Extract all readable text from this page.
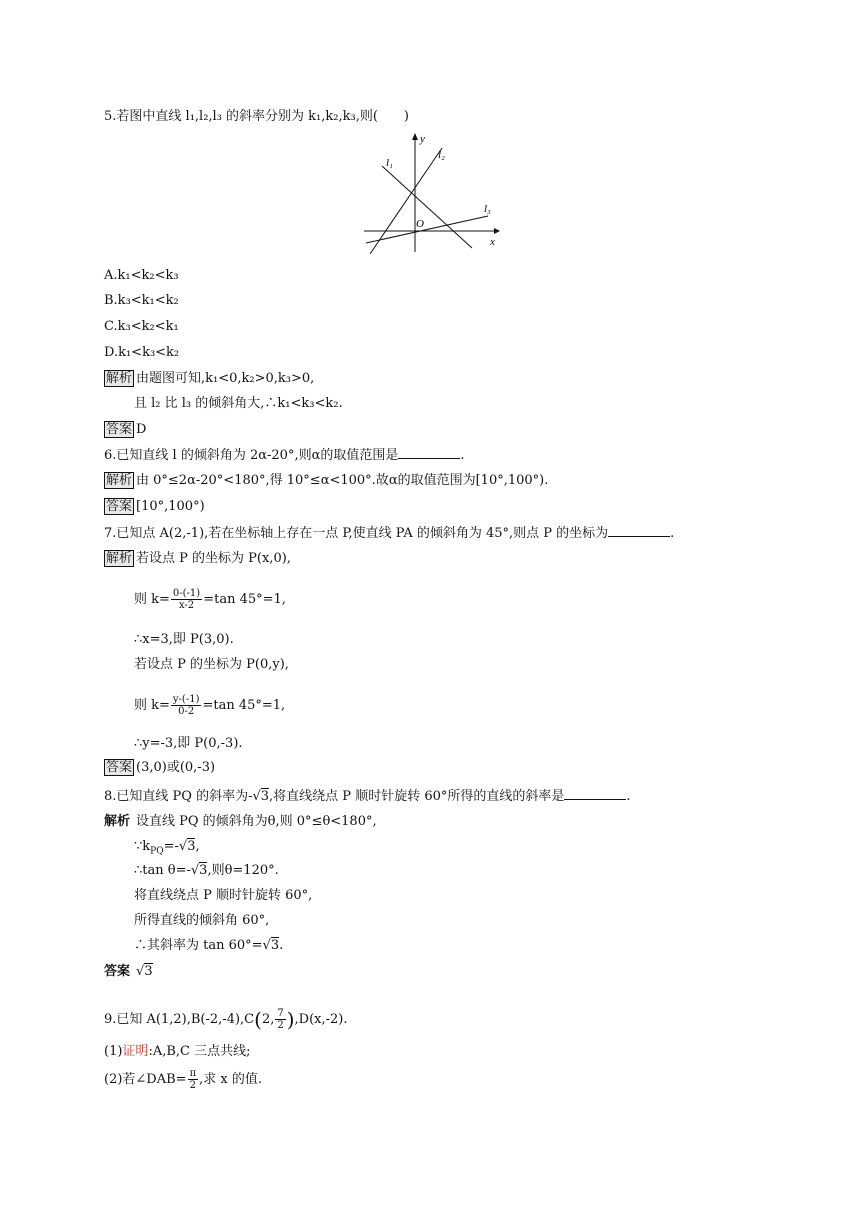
5.若图中直线 l₁,l₂,l₃ 的斜率分别为 k₁,k₂,k₃,则(　　)
y
x
O
l₁
l₂
l₃
A.k₁<k₂<k₃
B.k₃<k₁<k₂
C.k₃<k₂<k₁
D.k₁<k₃<k₂
解析 由题图可知,k₁<0,k₂>0,k₃>0,
且 l₂ 比 l₃ 的倾斜角大,∴k₁<k₃<k₂.
答案 D
6.已知直线 l 的倾斜角为 2α-20°,则α的取值范围是	.
解析 由 0°≤2α-20°<180°,得 10°≤α<100°.故α的取值范围为[10°,100°).
答案 [10°,100°)
7.已知点 A(2,-1),若在坐标轴上存在一点 P,使直线 PA 的倾斜角为 45°,则点 P 的坐标为	.
解析 若设点 P 的坐标为 P(x,0),
则 $k= \frac{0-(-1)}{x-2} =\tan$ 45°=1,
∴x=3,即 P(3,0).
若设点 P 的坐标为 P(0,y),
则 $k= \frac{y-(-1)}{0-2} =\tan$ 45°=1,
∴y=-3,即 P(0,-3).
答案 (3,0)或(0,-3)
8.已知直线 PQ 的斜率为-√3,将直线绕点 P 顺时针旋转 60°所得的直线的斜率是	.
解析 设直线 PQ 的倾斜角为θ,则 0°≤θ<180°,
$\because k_{PQ}=-√3$,
∴tan θ=-√3,则θ=120°.
将直线绕点 P 顺时针旋转 60°,
所得直线的倾斜角 60°,
∴其斜率为 tan 60°=√3.
答案 √3
9.已知 A(1,2),B(-2,-4),C(2, $\frac{7}{2} ),D(x,-2)$.
(1)证明:A,B,C 三点共线;
(2)若∠DAB= $\frac{\pi}{2}$ ,求 x 的值.
